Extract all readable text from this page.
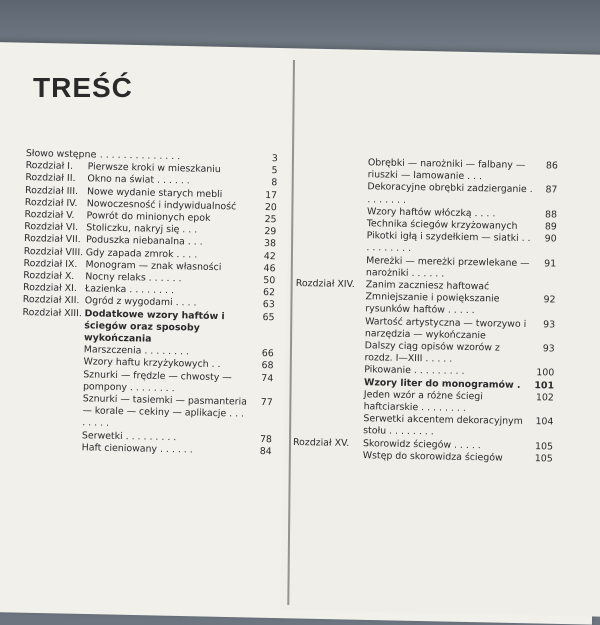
TREŚĆ
Słowo wstępne
. . . . . . . . . . . . . . . .	3
Rozdział I.	Pierwsze kroki w mieszkaniu	5
Rozdział II.	Okno na świat . . . . . .	8
Rozdział III. Nowe wydanie starych mebli	17
Rozdział IV. Nowoczesność i indywidualność	20
Rozdział V.	Powrót do minionych epok	25
Rozdział VI. Stoliczku, nakryj się . . .	29
Rozdział VII. Poduszka niebanalna . . .	38
Rozdział VIII. Gdy zapada zmrok . . . .	42
Rozdział IX. Monogram — znak własności	46
Rozdział X.	Nocny relaks . . . . . .	50
Rozdział XI. Łazienka . . . . . . . .	62
Rozdział XII. Ogród z wygodami . . . .	63
Rozdział XIII. Dodatkowe wzory haftów i ściegów oraz sposoby wykończania
65
Marszczenia . . . . . . . .	66
Wzory haftu krzyżykowych . .	68
Sznurki — frędzle — chwosty — pompony . . . . . . . .
74
Sznurki — tasiemki — pasmanteria — korale — cekiny — aplikacje . . . . . . . .
77
Serwetki . . . . . . . . .	78
Haft cieniowany . . . . . .	84
Obrębki — narożniki — falbany — riuszki — lamowanie . . .
86
Dekoracyjne obrębki zadzierganie . . . . . . . .
87
Wzory haftów włóczką . . . .	88
Technika ściegów krzyżowanych	89
Pikotki igłą i szydełkiem — siatki . . . . . . . . . .
90
Mereżki — mereżki przewlekane — narożniki . . . . . .
91
Rozdział XIV.	Zanim zaczniesz haftować
Zmniejszanie i powiększanie rysunków haftów . . . . .
92
Wartość artystyczna — tworzywo i narzędzia — wykończanie
93
Dalszy ciąg opisów wzorów z rozdz. I—XIII . . . . .
93
Pikowanie . . . . . . . . .	100
Wzory liter do monogramów .	101
Jeden wzór a różne ściegi haftciarskie . . . . . . . .
102
Serwetki akcentem dekoracyjnym stołu . . . . . . . .
104
Rozdział XV.	Skorowidz ściegów . . . . .	105
Wstęp do skorowidza ściegów	105
